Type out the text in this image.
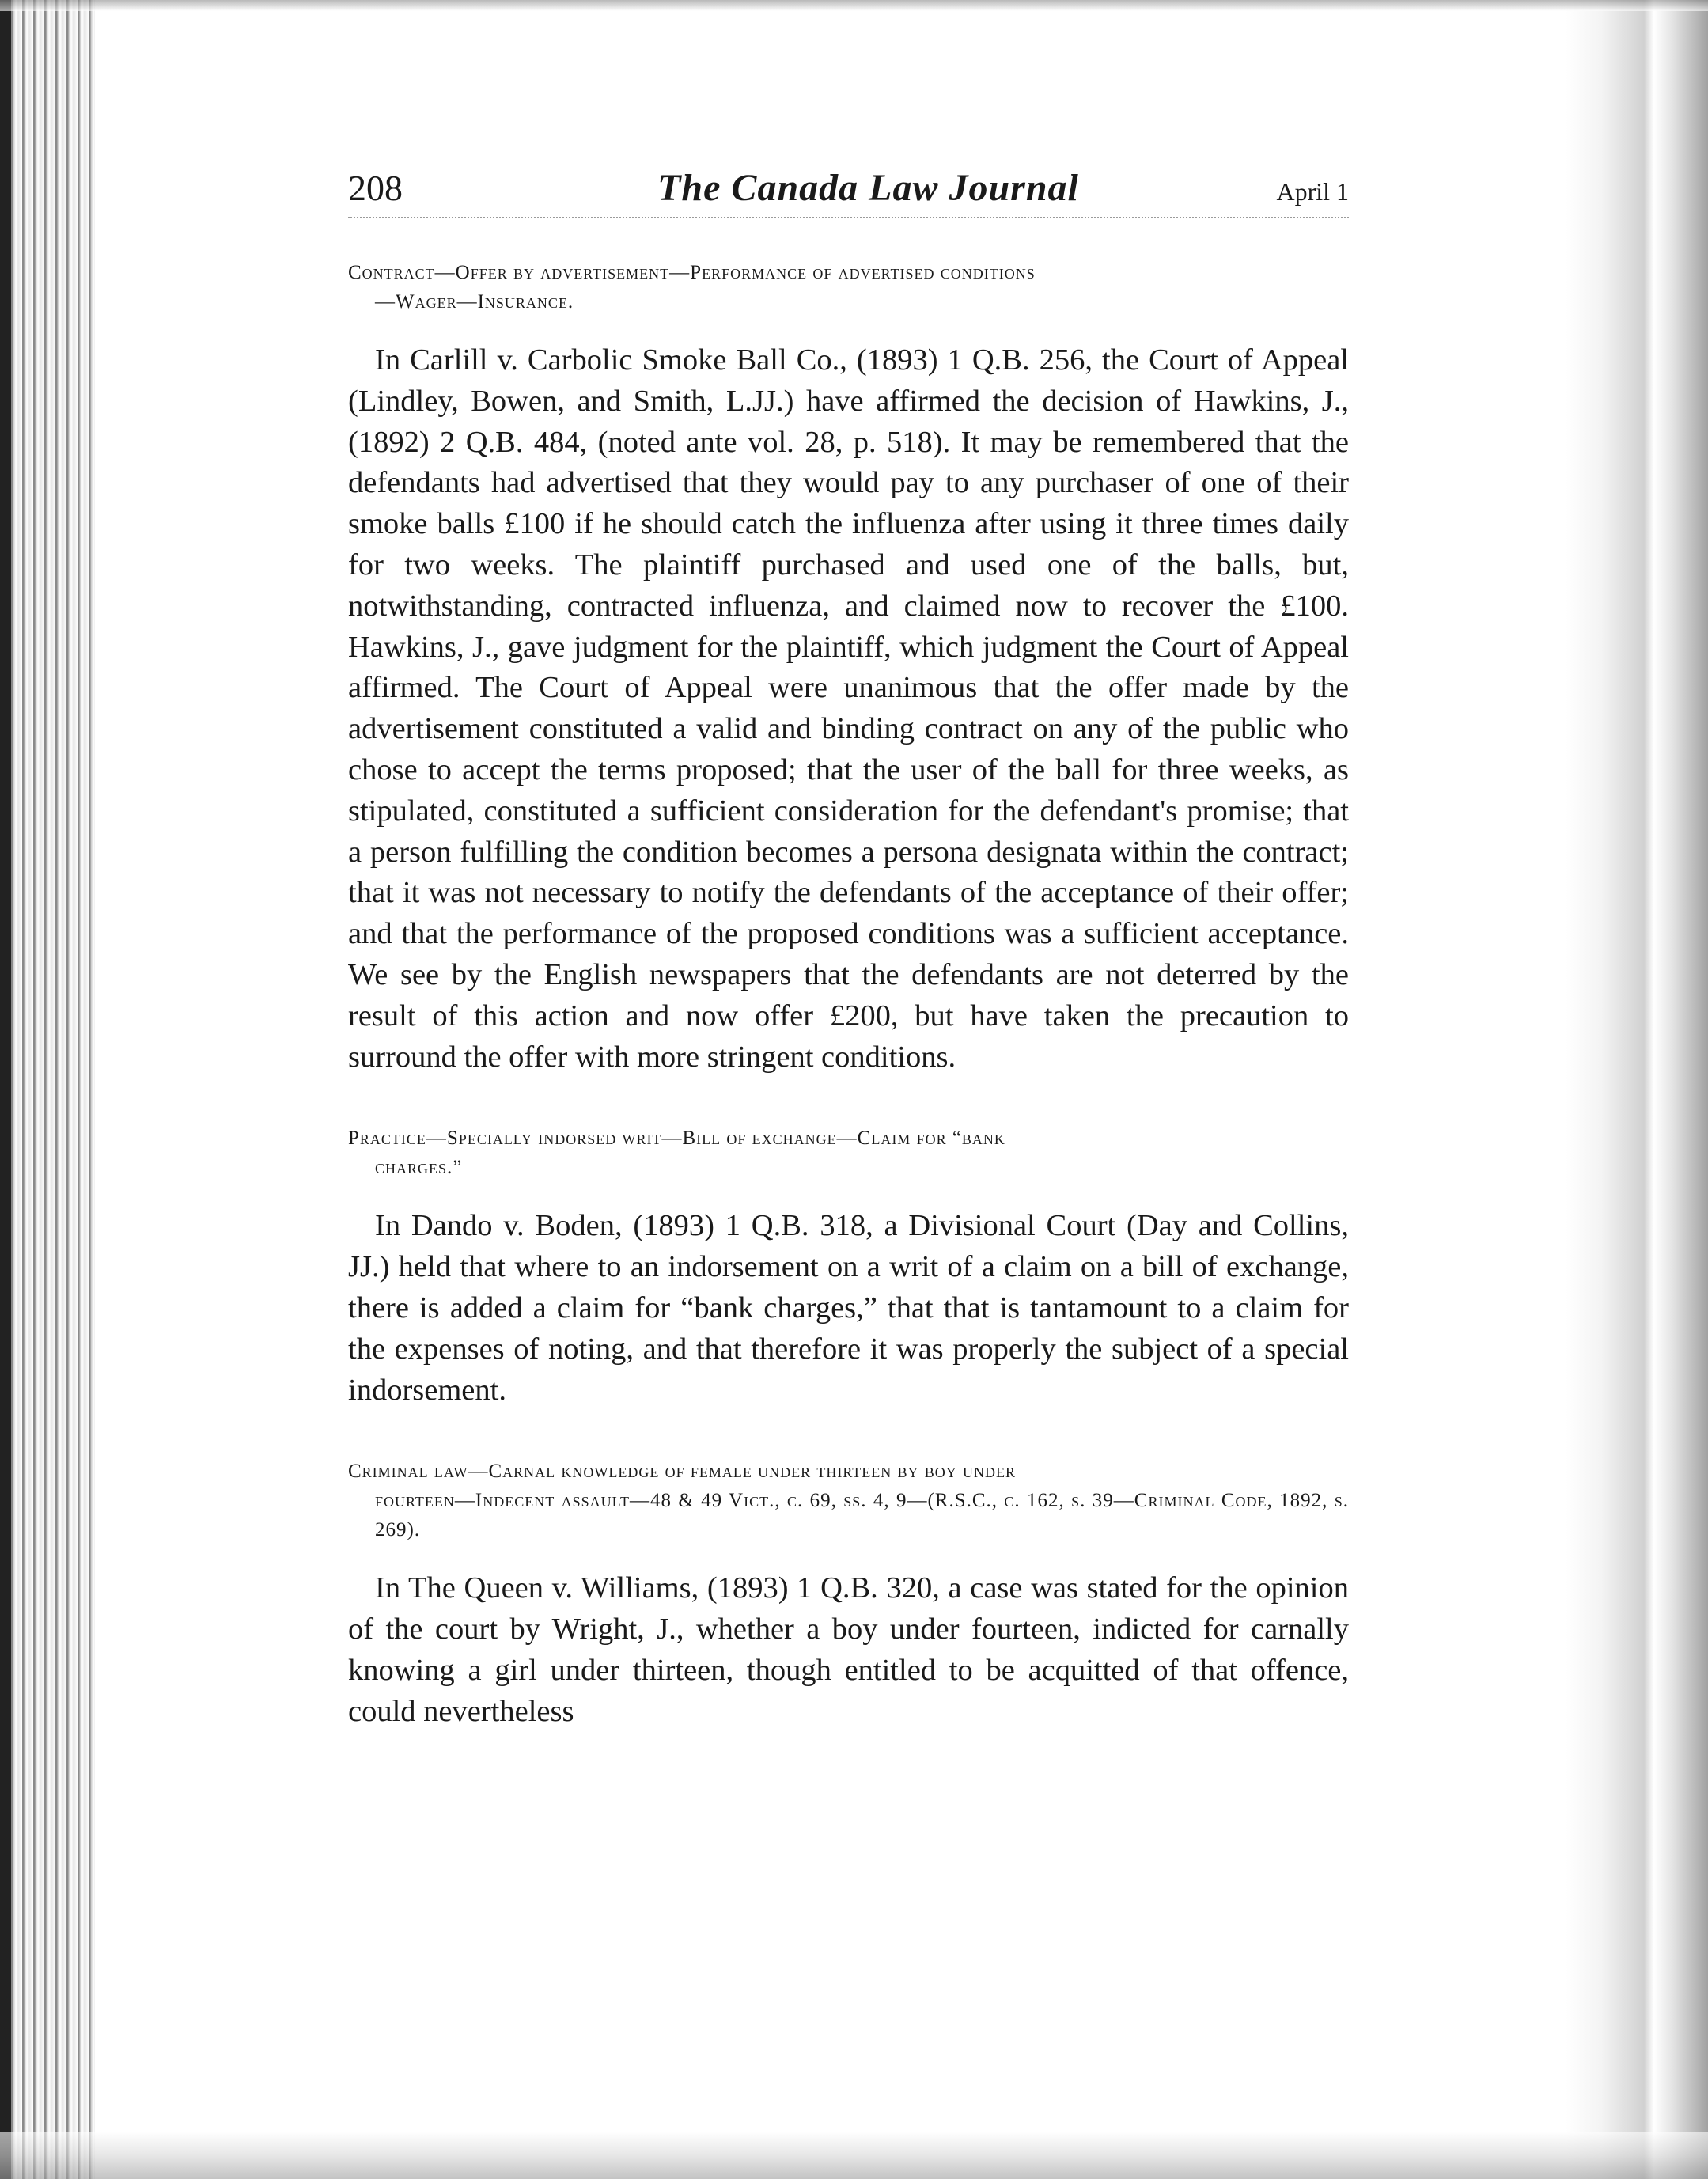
208	The Canada Law Journal	April 1

Contract—Offer by advertisement—Performance of advertised conditions
—Wager—Insurance.

In Carlill v. Carbolic Smoke Ball Co., (1893) 1 Q.B. 256, the Court of Appeal (Lindley, Bowen, and Smith, L.JJ.) have affirmed the decision of Hawkins, J., (1892) 2 Q.B. 484, (noted ante vol. 28, p. 518). It may be remembered that the defendants had advertised that they would pay to any purchaser of one of their smoke balls £100 if he should catch the influenza after using it three times daily for two weeks. The plaintiff purchased and used one of the balls, but, notwithstanding, contracted influenza, and claimed now to recover the £100. Hawkins, J., gave judgment for the plaintiff, which judgment the Court of Appeal affirmed. The Court of Appeal were unanimous that the offer made by the advertisement constituted a valid and binding contract on any of the public who chose to accept the terms proposed; that the user of the ball for three weeks, as stipulated, constituted a sufficient consideration for the defendant's promise; that a person fulfilling the condition becomes a persona designata within the contract; that it was not necessary to notify the defendants of the acceptance of their offer; and that the performance of the proposed conditions was a sufficient acceptance. We see by the English newspapers that the defendants are not deterred by the result of this action and now offer £200, but have taken the precaution to surround the offer with more stringent conditions.

Practice—Specially indorsed writ—Bill of exchange—Claim for “bank
charges.”

In Dando v. Boden, (1893) 1 Q.B. 318, a Divisional Court (Day and Collins, JJ.) held that where to an indorsement on a writ of a claim on a bill of exchange, there is added a claim for “bank charges,” that that is tantamount to a claim for the expenses of noting, and that therefore it was properly the subject of a special indorsement.

Criminal law—Carnal knowledge of female under thirteen by boy under
fourteen—Indecent assault—48 & 49 Vict., c. 69, ss. 4, 9—(R.S.C., c. 162, s. 39—Criminal Code, 1892, s. 269).

In The Queen v. Williams, (1893) 1 Q.B. 320, a case was stated for the opinion of the court by Wright, J., whether a boy under fourteen, indicted for carnally knowing a girl under thirteen, though entitled to be acquitted of that offence, could nevertheless
